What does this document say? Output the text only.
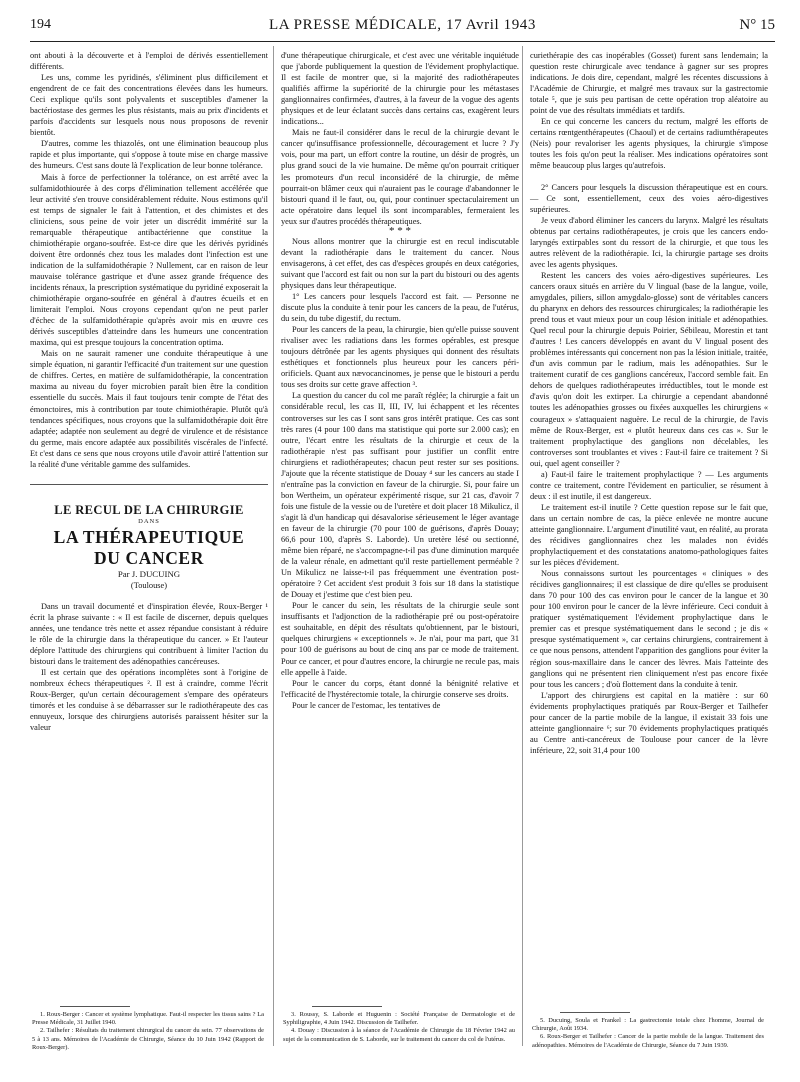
194	LA PRESSE MÉDICALE, 17 Avril 1943	N° 15

ont abouti à la découverte et à l'emploi de dérivés essentiellement différents.

Les uns, comme les pyridinés, s'éliminent plus difficilement et engendrent de ce fait des concentrations élevées dans les humeurs. Ceci explique qu'ils sont polyvalents et susceptibles d'amener la bactériostase des germes les plus résistants, mais au prix d'incidents et parfois d'accidents sur lesquels nous nous proposons de revenir bientôt.

D'autres, comme les thiazolés, ont une élimination beaucoup plus rapide et plus importante, qui s'oppose à toute mise en charge massive des humeurs. C'est sans doute là l'explication de leur bonne tolérance.

Mais à force de perfectionner la tolérance, on est arrêté avec la sulfamidothiourée à des corps d'élimination tellement accélérée que leur activité s'en trouve considérablement réduite. Nous estimons qu'il est temps de signaler le fait à l'attention, et des chimistes et des cliniciens, sous peine de voir jeter un discrédit immérité sur la remarquable thérapeutique antibactérienne que constitue la chimiothérapie organo-soufrée. Est-ce dire que les dérivés pyridinés doivent être ordonnés chez tous les malades dont l'infection est une indication de la sulfamidothérapie ? Nullement, car en raison de leur mauvaise tolérance gastrique et d'une assez grande fréquence des incidents rénaux, la prescription systématique du pyridiné exposerait la chimiothérapie organo-soufrée en général à d'autres écueils et en limiterait l'emploi. Nous croyons cependant qu'on ne peut parler d'échec de la sulfamidothérapie qu'après avoir mis en œuvre ces dérivés susceptibles d'atteindre dans les humeurs une concentration maxima, qui est presque toujours la concentration optima.

Mais on ne saurait ramener une conduite thérapeutique à une simple équation, ni garantir l'efficacité d'un traitement sur une question de chiffres. Certes, en matière de sulfamidothérapie, la concentration maxima au niveau du foyer microbien paraît bien être la condition essentielle du succès. Mais il faut toujours tenir compte de l'état des émonctoires, mis à contribution par toute chimiothérapie. Plutôt qu'à tendances spécifiques, nous croyons que la sulfamidothérapie doit être adaptée; adaptée non seulement au degré de virulence et de résistance du germe, mais encore adaptée aux possibilités viscérales de l'infecté. Et c'est dans ce sens que nous croyons utile d'avoir attiré l'attention sur la réalité d'une véritable gamme des sulfamides.

LE RECUL DE LA CHIRURGIE

DANS

LA THÉRAPEUTIQUE

DU CANCER

Par J. DUCUING

(Toulouse)

Dans un travail documenté et d'inspiration élevée, Roux-Berger ¹ écrit la phrase suivante : « Il est facile de discerner, depuis quelques années, une tendance très nette et assez répandue consistant à réduire le rôle de la chirurgie dans la thérapeutique du cancer. » Et l'auteur déplore l'attitude des chirurgiens qui contribuent à limiter l'action du bistouri dans le traitement des adénopathies cancéreuses.

Il est certain que des opérations incomplètes sont à l'origine de nombreux échecs thérapeutiques ². Il est à craindre, comme l'écrit Roux-Berger, qu'un certain découragement s'empare des opérateurs timorés et les conduise à se débarrasser sur le radiothérapeute des cas ennuyeux, lorsque des chirurgiens autorisés paraissent hésiter sur la valeur

1. Roux-Berger : Cancer et système lymphatique. Faut-il respecter les tissus sains ? La Presse Médicale, 31 Juillet 1940.

2. Tailhefer : Résultats du traitement chirurgical du cancer du sein. 77 observations de 5 à 13 ans. Mémoires de l'Académie de Chirurgie, Séance du 10 Juin 1942 (Rapport de Roux-Berger).

d'une thérapeutique chirurgicale, et c'est avec une véritable inquiétude que j'aborde publiquement la question de l'évidement prophylactique. Il est facile de montrer que, si la majorité des radiothérapeutes qualifiés affirme la supériorité de la chirurgie pour les métastases ganglionnaires confirmées, d'autres, à la faveur de la vogue des agents physiques et de leur éclatant succès dans certains cas, exagèrent leurs indications...

Mais ne faut-il considérer dans le recul de la chirurgie devant le cancer qu'insuffisance professionnelle, découragement et lucre ? J'y vois, pour ma part, un effort contre la routine, un désir de progrès, un plus grand souci de la vie humaine. De même qu'on pourrait critiquer les promoteurs d'un recul inconsidéré de la chirurgie, de même pourrait-on blâmer ceux qui n'auraient pas le courage d'abandonner le bistouri quand il le faut, ou, qui, pour continuer spectaculairement un acte opératoire dans lequel ils sont incomparables, fermeraient les yeux sur d'autres procédés thérapeutiques.

* * *

Nous allons montrer que la chirurgie est en recul indiscutable devant la radiothérapie dans le traitement du cancer. Nous envisagerons, à cet effet, des cas d'espèces groupés en deux catégories, suivant que l'accord est fait ou non sur la part du bistouri ou des agents physiques dans leur thérapeutique.

1° Les cancers pour lesquels l'accord est fait. — Personne ne discute plus la conduite à tenir pour les cancers de la peau, de l'utérus, du sein, du tube digestif, du rectum.

Pour les cancers de la peau, la chirurgie, bien qu'elle puisse souvent rivaliser avec les radiations dans les formes opérables, est presque toujours détrônée par les agents physiques qui donnent des résultats esthétiques et fonctionnels plus heureux pour les cancers péri-orificiels. Quant aux nævocancinomes, je pense que le bistouri a perdu tous ses droits sur cette grave affection ³.

La question du cancer du col me paraît réglée; la chirurgie a fait un considérable recul, les cas II, III, IV, lui échappent et les récentes controverses sur les cas I sont sans gros intérêt pratique. Ces cas sont très rares (4 pour 100 dans ma statistique qui porte sur 2.000 cas); en outre, l'écart entre les résultats de la chirurgie et ceux de la radiothérapie n'est pas suffisant pour justifier un conflit entre chirurgiens et radiothérapeutes; chacun peut rester sur ses positions. J'ajoute que la récente statistique de Douay ⁴ sur les cancers au stade I n'entraîne pas la conviction en faveur de la chirurgie. Si, pour faire un bon Wertheim, un opérateur expérimenté risque, sur 21 cas, d'avoir 7 fois une fistule de la vessie ou de l'uretère et doit placer 18 Mikulicz, il s'agit là d'un handicap qui désavalorise sérieusement le léger avantage en faveur de la chirurgie (70 pour 100 de guérisons, d'après Douay; 66,6 pour 100, d'après S. Laborde). Un uretère lésé ou sectionné, même bien réparé, ne s'accompagne-t-il pas d'une diminution marquée de la valeur rénale, en admettant qu'il reste partiellement perméable ? Un Mikulicz ne laisse-t-il pas fréquemment une éventration post-opératoire ? Cet accident s'est produit 3 fois sur 18 dans la statistique de Douay et j'estime que c'est bien peu.

Pour le cancer du sein, les résultats de la chirurgie seule sont insuffisants et l'adjonction de la radiothérapie pré ou post-opératoire est souhaitable, en dépit des résultats qu'obtiennent, par le bistouri, quelques chirurgiens « exceptionnels ». Je n'ai, pour ma part, que 31 pour 100 de guérisons au bout de cinq ans par ce mode de traitement. Pour ce cancer, et pour d'autres encore, la chirurgie ne recule pas, mais elle appelle à l'aide.

Pour le cancer du corps, étant donné la bénignité relative et l'efficacité de l'hystérectomie totale, la chirurgie conserve ses droits.

Pour le cancer de l'estomac, les tentatives de

3. Roussy, S. Laborde et Huguenin : Société Française de Dermatologie et de Syphiligraphie, 4 Juin 1942. Discussion de Tailhefer.

4. Douay : Discussion à la séance de l'Académie de Chirurgie du 18 Février 1942 au sujet de la communication de S. Laborde, sur le traitement du cancer du col de l'utérus.

curiethérapie des cas inopérables (Gosset) furent sans lendemain; la question reste chirurgicale avec tendance à gagner sur ses propres indications. Je dois dire, cependant, malgré les récentes discussions à l'Académie de Chirurgie, et malgré mes travaux sur la gastrectomie totale ⁵, que je suis peu partisan de cette opération trop aléatoire au point de vue des résultats immédiats et tardifs.

En ce qui concerne les cancers du rectum, malgré les efforts de certains rœntgenthérapeutes (Chaoul) et de certains radiumthérapeutes (Neis) pour revaloriser les agents physiques, la chirurgie s'impose toutes les fois qu'on peut la réaliser. Mes indications opératoires sont même beaucoup plus larges qu'autrefois.

2° Cancers pour lesquels la discussion thérapeutique est en cours. — Ce sont, essentiellement, ceux des voies aéro-digestives supérieures.

Je veux d'abord éliminer les cancers du larynx. Malgré les résultats obtenus par certains radiothérapeutes, je crois que les cancers endo-laryngés extirpables sont du ressort de la chirurgie, et que tous les autres relèvent de la radiothérapie. Ici, la chirurgie partage ses droits avec les agents physiques.

Restent les cancers des voies aéro-digestives supérieures. Les cancers oraux situés en arrière du V lingual (base de la langue, voile, amygdales, piliers, sillon amygdalo-glosse) sont de véritables cancers du pharynx en dehors des ressources chirurgicales; la radiothérapie les prend tous et vaut mieux pour un coup lésion initiale et adénopathies. Quel recul pour la chirurgie depuis Poirier, Sébileau, Morestin et tant d'autres ! Les cancers développés en avant du V lingual posent des problèmes intéressants qui concernent non pas la lésion initiale, traitée, d'un avis commun par le radium, mais les adénopathies. Sur le traitement curatif de ces ganglions cancéreux, l'accord semble fait. En dehors de quelques radiothérapeutes irréductibles, tout le monde est d'avis qu'on doit les extirper. La chirurgie a cependant abandonné toutes les adénopathies grosses ou fixées auxquelles les chirurgiens « courageux » s'attaquaient naguère. Le recul de la chirurgie, de l'avis même de Roux-Berger, est « plutôt heureux dans ces cas ». Sur le traitement prophylactique des ganglions non décelables, les controverses sont troublantes et vives : Faut-il faire ce traitement ? Si oui, quel agent conseiller ?

a) Faut-il faire le traitement prophylactique ? — Les arguments contre ce traitement, contre l'évidement en particulier, se résument à deux : il est inutile, il est dangereux.

Le traitement est-il inutile ? Cette question repose sur le fait que, dans un certain nombre de cas, la pièce enlevée ne montre aucune atteinte ganglionnaire. L'argument d'inutilité vaut, en réalité, au prorata des récidives ganglionnaires chez les malades non évidés prophylactiquement et des constatations anatomo-pathologiques faites sur les pièces d'évidement.

Nous connaissons surtout les pourcentages « cliniques » des récidives ganglionnaires; il est classique de dire qu'elles se produisent dans 70 pour 100 des cas environ pour le cancer de la langue et 30 pour 100 environ pour le cancer de la lèvre inférieure. Ceci conduit à pratiquer systématiquement l'évidement prophylactique dans le premier cas et presque systématiquement dans le second ; je dis « presque systématiquement », car certains chirurgiens, contrairement à ce que nous pensons, attendent l'apparition des ganglions pour éviter la région sous-maxillaire dans le cancer des lèvres. Mais l'atteinte des ganglions qui ne présentent rien cliniquement n'est pas encore fixée pour tous les cancers ; d'où flottement dans la conduite à tenir.

L'apport des chirurgiens est capital en la matière : sur 60 évidements prophylactiques pratiqués par Roux-Berger et Tailhefer pour cancer de la partie mobile de la langue, il existait 33 fois une atteinte ganglionnaire ⁶; sur 70 évidements prophylactiques pratiqués au Centre anti-cancéreux de Toulouse pour cancer de la lèvre inférieure, 22, soit 31,4 pour 100

5. Ducuing, Soula et Frankel : La gastrectomie totale chez l'homme, Journal de Chirurgie, Août 1934.

6. Roux-Berger et Tailhefer : Cancer de la partie mobile de la langue. Traitement des adénopathies. Mémoires de l'Académie de Chirurgie, Séance du 7 Juin 1939.
